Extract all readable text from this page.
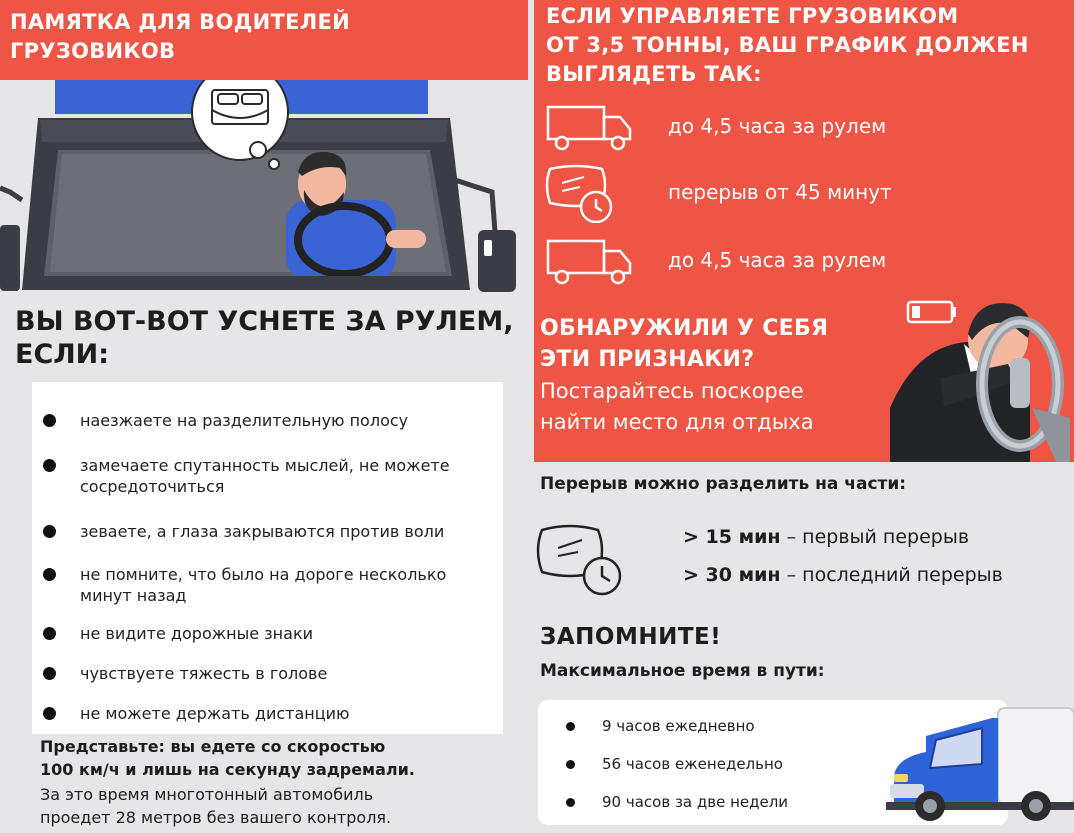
ПАМЯТКА ДЛЯ ВОДИТЕЛЕЙ
ГРУЗОВИКОВ
ВЫ ВОТ-ВОТ УСНЕТЕ ЗА РУЛЕМ,
ЕСЛИ:
наезжаете на разделительную полосу
замечаете спутанность мыслей, не можете сосредоточиться
зеваете, а глаза закрываются против воли
не помните, что было на дороге несколько минут назад
не видите дорожные знаки
чувствуете тяжесть в голове
не можете держать дистанцию
Представьте: вы едете со скоростью
100 км/ч и лишь на секунду задремали.
За это время многотонный автомобиль
проедет 28 метров без вашего контроля.
ЕСЛИ УПРАВЛЯЕТЕ ГРУЗОВИКОМ
ОТ 3,5 ТОННЫ, ВАШ ГРАФИК ДОЛЖЕН
ВЫГЛЯДЕТЬ ТАК:
до 4,5 часа за рулем
перерыв от 45 минут
до 4,5 часа за рулем
ОБНАРУЖИЛИ У СЕБЯ
ЭТИ ПРИЗНАКИ?
Постарайтесь поскорее
найти место для отдыха
Перерыв можно разделить на части:
> 15 мин – первый перерыв
> 30 мин – последний перерыв
ЗАПОМНИТЕ!
Максимальное время в пути:
9 часов ежедневно
56 часов еженедельно
90 часов за две недели
